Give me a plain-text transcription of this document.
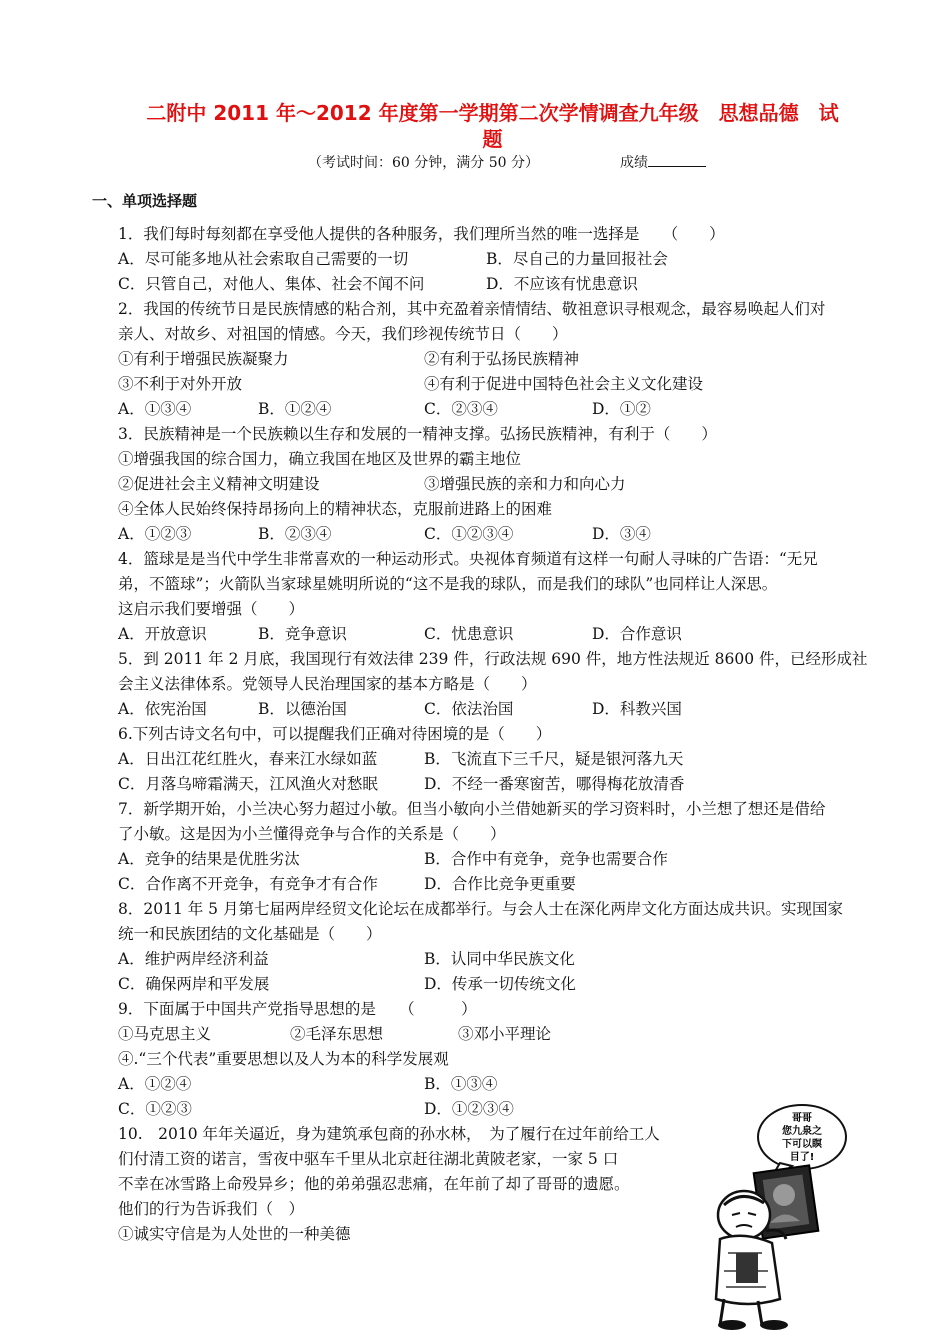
二附中 2011 年～2012 年度第一学期第二次学情调查九年级　思想品德　试
题
（考试时间：60 分钟，满分 50 分）	成绩
一、单项选择题
1．我们每时每刻都在享受他人提供的各种服务，我们理所当然的唯一选择是　　（　　）
A．尽可能多地从社会索取自己需要的一切	B．尽自己的力量回报社会
C．只管自己，对他人、集体、社会不闻不问	D．不应该有忧患意识
2．我国的传统节日是民族情感的粘合剂，其中充盈着亲情情结、敬祖意识寻根观念，最容易唤起人们对
亲人、对故乡、对祖国的情感。今天，我们珍视传统节日（　　）
①有利于增强民族凝聚力	②有利于弘扬民族精神
③不利于对外开放	④有利于促进中国特色社会主义文化建设
A．①③④	B．①②④	C．②③④	D．①②
3．民族精神是一个民族赖以生存和发展的一精神支撑。弘扬民族精神，有利于（　　）
①增强我国的综合国力，确立我国在地区及世界的霸主地位
②促进社会主义精神文明建设	③增强民族的亲和力和向心力
④全体人民始终保持昂扬向上的精神状态，克服前进路上的困难
A．①②③	B．②③④	C．①②③④	D．③④
4．篮球是是当代中学生非常喜欢的一种运动形式。央视体育频道有这样一句耐人寻味的广告语：“无兄
弟，不篮球”；火箭队当家球星姚明所说的“这不是我的球队，而是我们的球队”也同样让人深思。
这启示我们要增强（　　）
A．开放意识	B．竞争意识	C．忧患意识	D．合作意识
5．到 2011 年 2 月底，我国现行有效法律 239 件，行政法规 690 件，地方性法规近 8600 件，已经形成社
会主义法律体系。党领导人民治理国家的基本方略是（　　）
A．依宪治国	B．以德治国	C．依法治国	D．科教兴国
6.下列古诗文名句中，可以提醒我们正确对待困境的是（　　）
A．日出江花红胜火，春来江水绿如蓝	B．飞流直下三千尺，疑是银河落九天
C．月落乌啼霜满天，江风渔火对愁眠	D．不经一番寒窗苦，哪得梅花放清香
7．新学期开始，小兰决心努力超过小敏。但当小敏向小兰借她新买的学习资料时，小兰想了想还是借给
了小敏。这是因为小兰懂得竞争与合作的关系是（　　）
A．竞争的结果是优胜劣汰	B．合作中有竞争，竞争也需要合作
C．合作离不开竞争，有竞争才有合作	D．合作比竞争更重要
8．2011 年 5 月第七届两岸经贸文化论坛在成都举行。与会人士在深化两岸文化方面达成共识。实现国家
统一和民族团结的文化基础是（　　）
A．维护两岸经济利益	B．认同中华民族文化
C．确保两岸和平发展	D．传承一切传统文化
9．下面属于中国共产党指导思想的是　　（　　　）
①马克思主义	②毛泽东思想	③邓小平理论
④.“三个代表”重要思想以及人为本的科学发展观
A．①②④	B．①③④
C．①②③	D．①②③④
10.　2010 年年关逼近，身为建筑承包商的孙水林，　为了履行在过年前给工人
们付清工资的诺言，雪夜中驱车千里从北京赶往湖北黄陂老家，一家 5 口
不幸在冰雪路上命殁异乡；他的弟弟强忍悲痛，在年前了却了哥哥的遗愿。
他们的行为告诉我们（　）
①诚实守信是为人处世的一种美德
哥哥
您九泉之
下可以瞑
目了!
